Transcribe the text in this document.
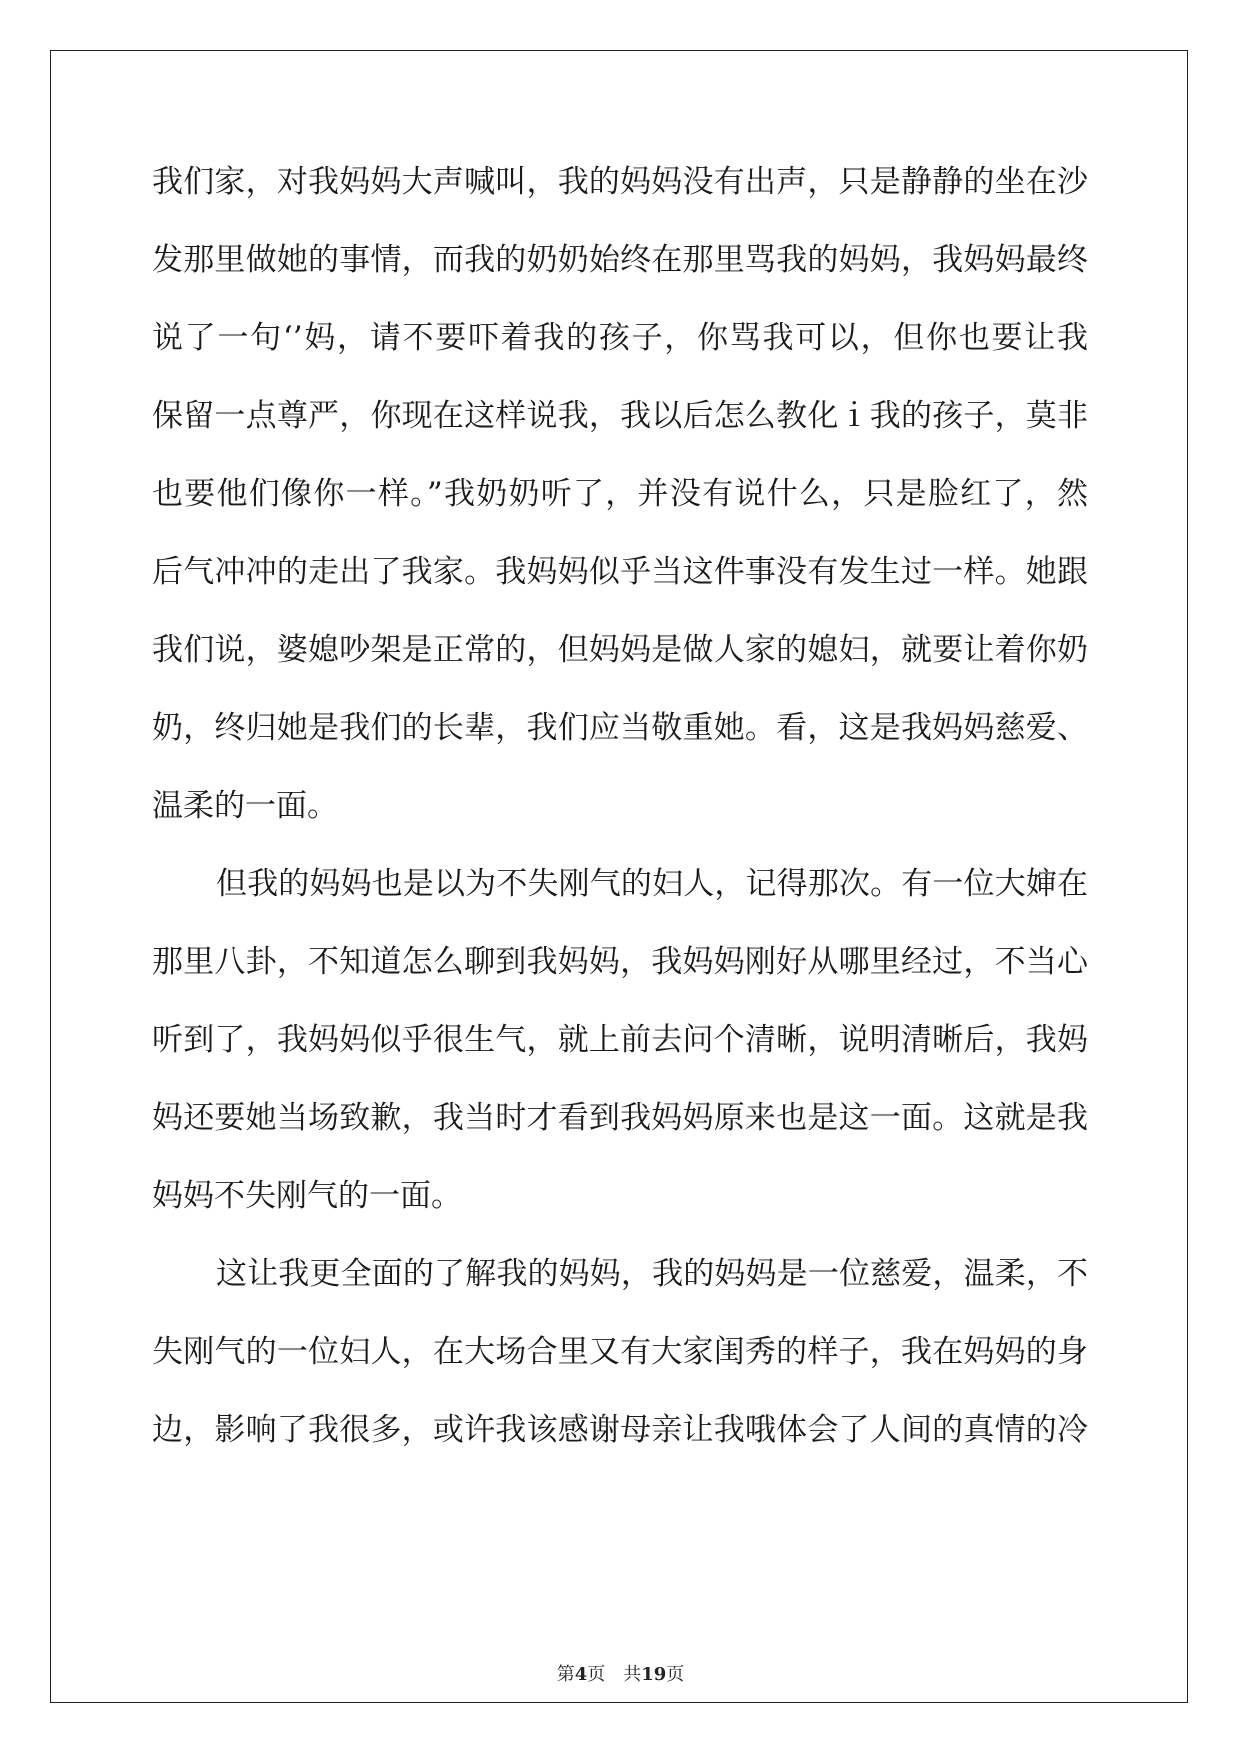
我们家，对我妈妈大声喊叫，我的妈妈没有出声，只是静静的坐在沙
发那里做她的事情，而我的奶奶始终在那里骂我的妈妈，我妈妈最终
说了一句‘’妈，请不要吓着我的孩子，你骂我可以，但你也要让我
保留一点尊严，你现在这样说我，我以后怎么教化ｉ我的孩子，莫非
也要他们像你一样。”我奶奶听了，并没有说什么，只是脸红了，然
后气冲冲的走出了我家。我妈妈似乎当这件事没有发生过一样。她跟
我们说，婆媳吵架是正常的，但妈妈是做人家的媳妇，就要让着你奶
奶，终归她是我们的长辈，我们应当敬重她。看，这是我妈妈慈爱、
温柔的一面。
但我的妈妈也是以为不失刚气的妇人，记得那次。有一位大婶在
那里八卦，不知道怎么聊到我妈妈，我妈妈刚好从哪里经过，不当心
听到了，我妈妈似乎很生气，就上前去问个清晰，说明清晰后，我妈
妈还要她当场致歉，我当时才看到我妈妈原来也是这一面。这就是我
妈妈不失刚气的一面。
这让我更全面的了解我的妈妈，我的妈妈是一位慈爱，温柔，不
失刚气的一位妇人，在大场合里又有大家闺秀的样子，我在妈妈的身
边，影响了我很多，或许我该感谢母亲让我哦体会了人间的真情的冷
第4页 共19页
